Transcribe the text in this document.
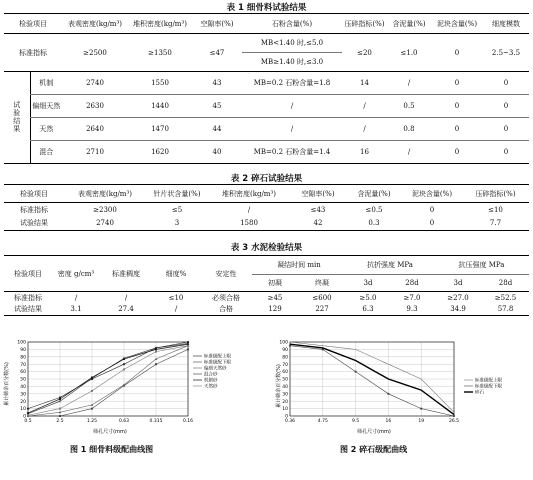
表 1 细骨料试验结果
检验项目		表观密度(kg/m³)	堆积密度(kg/m³)	空隙率(%)	石粉含量(%)	压碎指标(%)	含泥量(%)	泥块含量(%)	细度模数	
标准指标		≥2500	≥1350	≤47	MB<1.40 时,≤5.0	≤20	≤1.0	0	2.5~3.5	
					MB≥1.40 时,≤3.0					
试验结果	机制	2740	1550	43	MB=0.2 石粉含量=1.8	14	/	0	0	
	偏细天然	2630	1440	45	/	/	0.5	0	0	
	天然	2640	1470	44	/	/	0.8	0	0	
	混合	2710	1620	40	MB=0.2 石粉含量=1.4	16	/	0	0	
表 2 碎石试验结果
检验项目	表观密度(kg/m³)	针片状含量(%)	堆积密度(kg/m³)	空隙率(%)	含泥量(%)	泥块含量(%)	压碎指标(%)
标准指标	≥2300	≤5	/	≤43	≤0.5	0	≤10
试验结果	2740	3	1580	42	0.3	0	7.7
表 3 水泥检验结果
检验项目	密度 g/cm³	标准稠度	细度%	安定性	凝结时间 min		抗折强度 MPa		抗压强度 MPa	
					初凝	终凝	3d	28d	3d	28d
标准指标	/	/	≤10	必须合格	≥45	≤600	≥5.0	≥7.0	≥27.0	≥52.5
试验结果	3.1	27.4	/	合格	129	227	6.3	9.3	34.9	57.8
0
10
20
30
40
50
60
70
80
90
100
0.5	2.5	1.25	0.63	0.315	0.16
标准级配上限
标准级配下限
偏细天然砂
混合砂
机制砂
天然砂
累计筛余百分数(%)
筛孔尺寸(mm)
图 1 细骨料级配曲线图
0
10
20
30
40
50
60
70
80
90
100
0.36	4.75	9.5	16	19	26.5
标准级配上限
标准级配下限
碎石
累计筛余百分数(%)
筛孔尺寸(mm)
图 2 碎石级配曲线
